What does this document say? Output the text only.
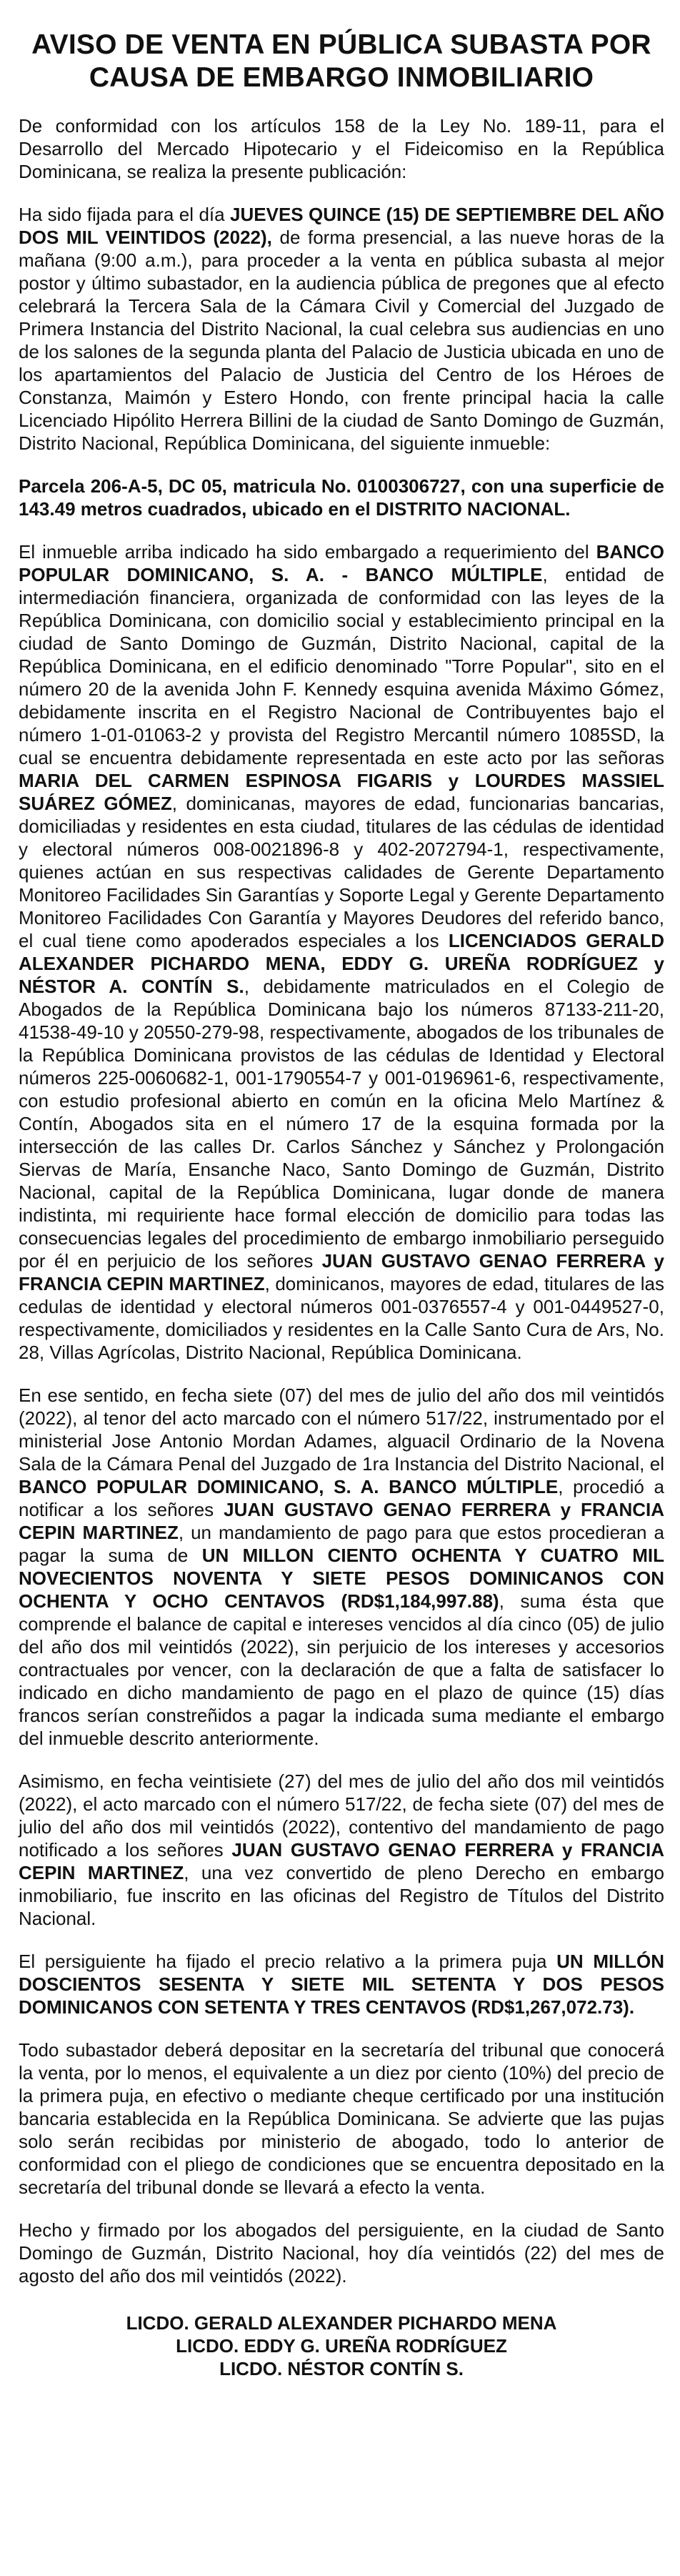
AVISO DE VENTA EN PÚBLICA SUBASTA POR
CAUSA DE EMBARGO INMOBILIARIO

De conformidad con los artículos 158 de la Ley No. 189-11, para el
Desarrollo del Mercado Hipotecario y el Fideicomiso en la República
Dominicana, se realiza la presente publicación:

Ha sido fijada para el día JUEVES QUINCE (15) DE SEPTIEMBRE DEL AÑO DOS MIL VEINTIDOS (2022), de forma presencial, a las nueve horas de la mañana (9:00 a.m.), para proceder a la venta en pública subasta al mejor postor y último subastador, en la audiencia pública de pregones que al efecto celebrará la Tercera Sala de la Cámara Civil y Comercial del Juzgado de Primera Instancia del Distrito Nacional, la cual celebra sus audiencias en uno de los salones de la segunda planta del Palacio de Justicia ubicada en uno de los apartamientos del Palacio de Justicia del Centro de los Héroes de Constanza, Maimón y Estero Hondo, con frente principal hacia la calle Licenciado Hipólito Herrera Billini de la ciudad de Santo Domingo de Guzmán, Distrito Nacional, República Dominicana, del siguiente inmueble:

Parcela 206-A-5, DC 05, matricula No. 0100306727, con una superficie de 143.49 metros cuadrados, ubicado en el DISTRITO NACIONAL.

El inmueble arriba indicado ha sido embargado a requerimiento del BANCO POPULAR DOMINICANO, S. A. - BANCO MÚLTIPLE, entidad de intermediación financiera, organizada de conformidad con las leyes de la República Dominicana, con domicilio social y establecimiento principal en la ciudad de Santo Domingo de Guzmán, Distrito Nacional, capital de la República Dominicana, en el edificio denominado "Torre Popular", sito en el número 20 de la avenida John F. Kennedy esquina avenida Máximo Gómez, debidamente inscrita en el Registro Nacional de Contribuyentes bajo el número 1-01-01063-2 y provista del Registro Mercantil número 1085SD, la cual se encuentra debidamente representada en este acto por las señoras MARIA DEL CARMEN ESPINOSA FIGARIS y LOURDES MASSIEL SUÁREZ GÓMEZ, dominicanas, mayores de edad, funcionarias bancarias, domiciliadas y residentes en esta ciudad, titulares de las cédulas de identidad y electoral números 008-0021896-8 y 402-2072794-1, respectivamente, quienes actúan en sus respectivas calidades de Gerente Departamento Monitoreo Facilidades Sin Garantías y Soporte Legal y Gerente Departamento Monitoreo Facilidades Con Garantía y Mayores Deudores del referido banco, el cual tiene como apoderados especiales a los LICENCIADOS GERALD ALEXANDER PICHARDO MENA, EDDY G. UREÑA RODRÍGUEZ y NÉSTOR A. CONTÍN S., debidamente matriculados en el Colegio de Abogados de la República Dominicana bajo los números 87133-211-20, 41538-49-10 y 20550-279-98, respectivamente, abogados de los tribunales de la República Dominicana provistos de las cédulas de Identidad y Electoral números 225-0060682-1, 001-1790554-7 y 001-0196961-6, respectivamente, con estudio profesional abierto en común en la oficina Melo Martínez & Contín, Abogados sita en el número 17 de la esquina formada por la intersección de las calles Dr. Carlos Sánchez y Sánchez y Prolongación Siervas de María, Ensanche Naco, Santo Domingo de Guzmán, Distrito Nacional, capital de la República Dominicana, lugar donde de manera indistinta, mi requiriente hace formal elección de domicilio para todas las consecuencias legales del procedimiento de embargo inmobiliario perseguido por él en perjuicio de los señores JUAN GUSTAVO GENAO FERRERA y FRANCIA CEPIN MARTINEZ, dominicanos, mayores de edad, titulares de las cedulas de identidad y electoral números 001-0376557-4 y 001-0449527-0, respectivamente, domiciliados y residentes en la Calle Santo Cura de Ars, No. 28, Villas Agrícolas, Distrito Nacional, República Dominicana.

En ese sentido, en fecha siete (07) del mes de julio del año dos mil veintidós (2022), al tenor del acto marcado con el número 517/22, instrumentado por el ministerial Jose Antonio Mordan Adames, alguacil Ordinario de la Novena Sala de la Cámara Penal del Juzgado de 1ra Instancia del Distrito Nacional, el BANCO POPULAR DOMINICANO, S. A. BANCO MÚLTIPLE, procedió a notificar a los señores JUAN GUSTAVO GENAO FERRERA y FRANCIA CEPIN MARTINEZ, un mandamiento de pago para que estos procedieran a pagar la suma de UN MILLON CIENTO OCHENTA Y CUATRO MIL NOVECIENTOS NOVENTA Y SIETE PESOS DOMINICANOS CON OCHENTA Y OCHO CENTAVOS (RD$1,184,997.88), suma ésta que comprende el balance de capital e intereses vencidos al día cinco (05) de julio del año dos mil veintidós (2022), sin perjuicio de los intereses y accesorios contractuales por vencer, con la declaración de que a falta de satisfacer lo indicado en dicho mandamiento de pago en el plazo de quince (15) días francos serían constreñidos a pagar la indicada suma mediante el embargo del inmueble descrito anteriormente.

Asimismo, en fecha veintisiete (27) del mes de julio del año dos mil veintidós (2022), el acto marcado con el número 517/22, de fecha siete (07) del mes de julio del año dos mil veintidós (2022), contentivo del mandamiento de pago notificado a los señores JUAN GUSTAVO GENAO FERRERA y FRANCIA CEPIN MARTINEZ, una vez convertido de pleno Derecho en embargo inmobiliario, fue inscrito en las oficinas del Registro de Títulos del Distrito Nacional.

El persiguiente ha fijado el precio relativo a la primera puja UN MILLÓN DOSCIENTOS SESENTA Y SIETE MIL SETENTA Y DOS PESOS DOMINICANOS CON SETENTA Y TRES CENTAVOS (RD$1,267,072.73).

Todo subastador deberá depositar en la secretaría del tribunal que conocerá la venta, por lo menos, el equivalente a un diez por ciento (10%) del precio de la primera puja, en efectivo o mediante cheque certificado por una institución bancaria establecida en la República Dominicana. Se advierte que las pujas solo serán recibidas por ministerio de abogado, todo lo anterior de conformidad con el pliego de condiciones que se encuentra depositado en la secretaría del tribunal donde se llevará a efecto la venta.

Hecho y firmado por los abogados del persiguiente, en la ciudad de Santo Domingo de Guzmán, Distrito Nacional, hoy día veintidós (22) del mes de agosto del año dos mil veintidós (2022).

LICDO. GERALD ALEXANDER PICHARDO MENA
LICDO. EDDY G. UREÑA RODRÍGUEZ
LICDO. NÉSTOR CONTÍN S.
